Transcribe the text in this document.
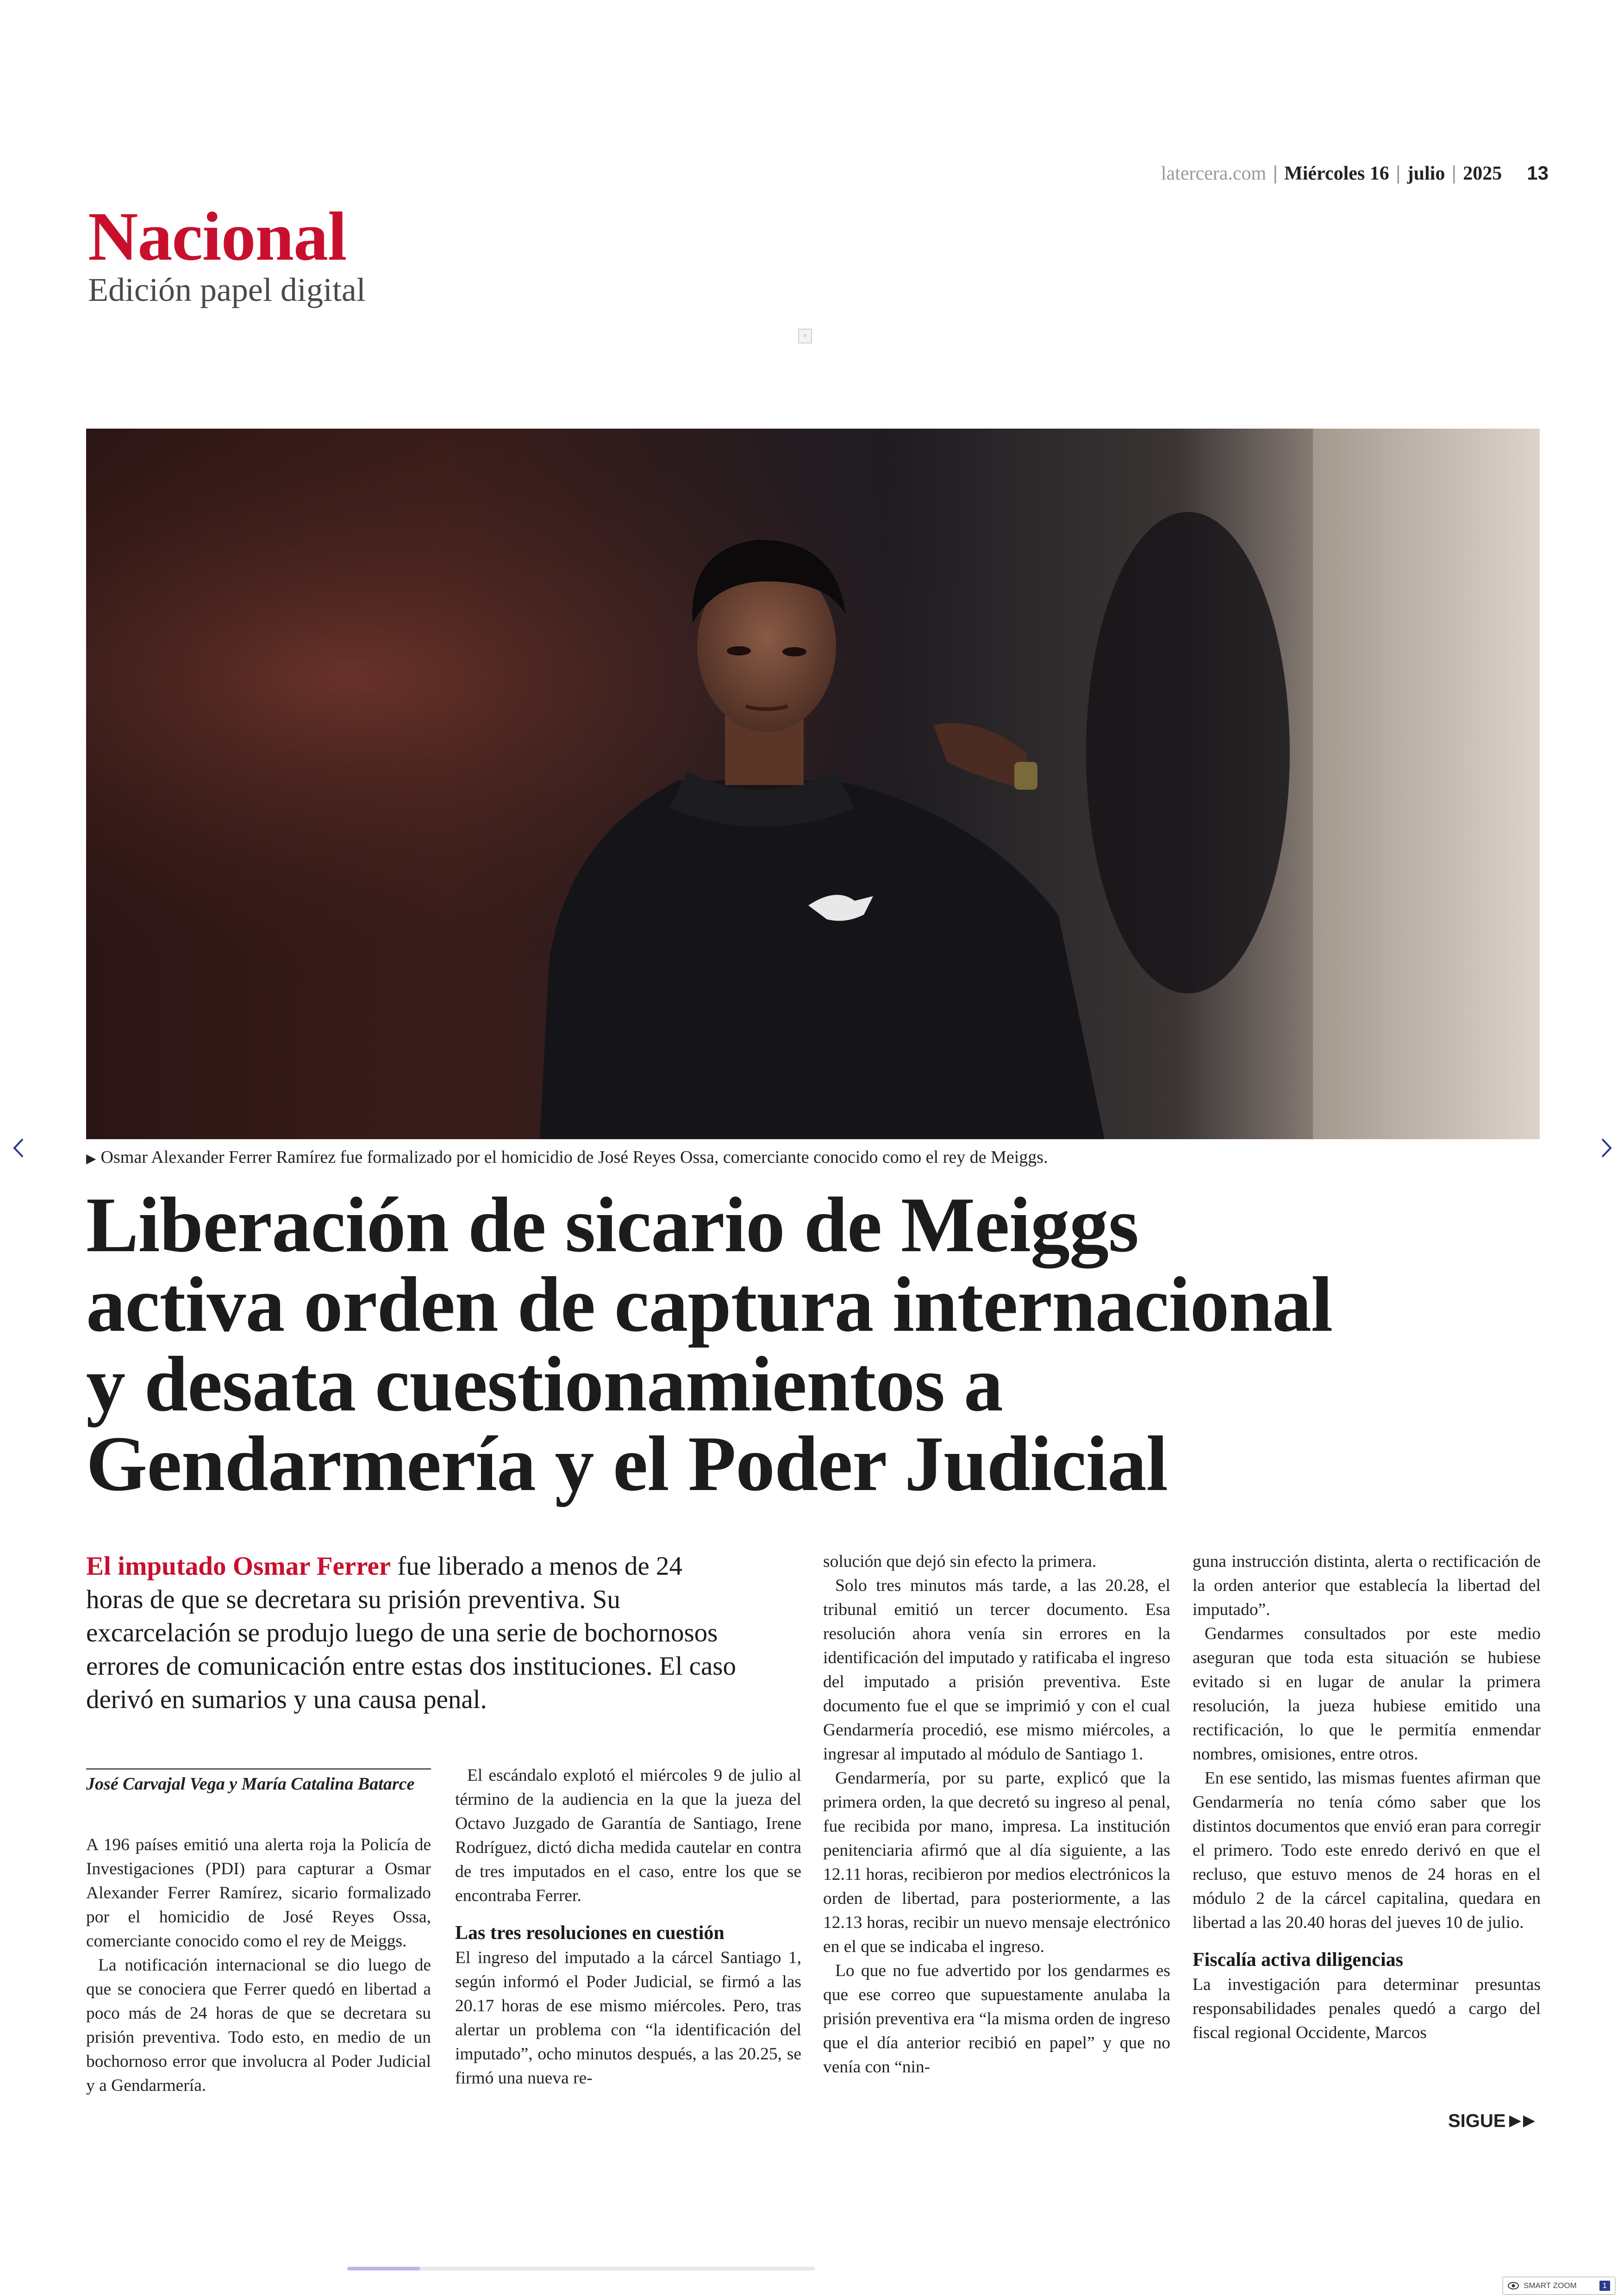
latercera.com | Miércoles 16 | julio | 2025 13
Nacional
Edición papel digital
▫
▶ Osmar Alexander Ferrer Ramírez fue formalizado por el homicidio de José Reyes Ossa, comerciante conocido como el rey de Meiggs.
Liberación de sicario de Meiggs
activa orden de captura internacional
y desata cuestionamientos a
Gendarmería y el Poder Judicial
El imputado Osmar Ferrer fue liberado a menos de 24 horas de que se decretara su prisión preventiva. Su excarcelación se produjo luego de una serie de bochornosos errores de comunicación entre estas dos instituciones. El caso derivó en sumarios y una causa penal.
José Carvajal Vega y María Catalina Batarce

A 196 países emitió una alerta roja la Policía de Investigaciones (PDI) para capturar a Osmar Alexander Ferrer Ramírez, sicario formalizado por el homicidio de José Reyes Ossa, comerciante conocido como el rey de Meiggs.

La notificación internacional se dio luego de que se conociera que Ferrer quedó en libertad a poco más de 24 horas de que se decretara su prisión preventiva. Todo esto, en medio de un bochornoso error que involucra al Poder Judicial y a Gendarmería.

El escándalo explotó el miércoles 9 de julio al término de la audiencia en la que la jueza del Octavo Juzgado de Garantía de Santiago, Irene Rodríguez, dictó dicha medida cautelar en contra de tres imputados en el caso, entre los que se encontraba Ferrer.

Las tres resoluciones en cuestión

El ingreso del imputado a la cárcel Santiago 1, según informó el Poder Judicial, se firmó a las 20.17 horas de ese mismo miércoles. Pero, tras alertar un problema con “la identificación del imputado”, ocho minutos después, a las 20.25, se firmó una nueva re-

solución que dejó sin efecto la primera.

Solo tres minutos más tarde, a las 20.28, el tribunal emitió un tercer documento. Esa resolución ahora venía sin errores en la identificación del imputado y ratificaba el ingreso del imputado a prisión preventiva. Este documento fue el que se imprimió y con el cual Gendarmería procedió, ese mismo miércoles, a ingresar al imputado al módulo de Santiago 1.

Gendarmería, por su parte, explicó que la primera orden, la que decretó su ingreso al penal, fue recibida por mano, impresa. La institución penitenciaria afirmó que al día siguiente, a las 12.11 horas, recibieron por medios electrónicos la orden de libertad, para posteriormente, a las 12.13 horas, recibir un nuevo mensaje electrónico en el que se indicaba el ingreso.

Lo que no fue advertido por los gendarmes es que ese correo que supuestamente anulaba la prisión preventiva era “la misma orden de ingreso que el día anterior recibió en papel” y que no venía con “nin-

guna instrucción distinta, alerta o rectificación de la orden anterior que establecía la libertad del imputado”.

Gendarmes consultados por este medio aseguran que toda esta situación se hubiese evitado si en lugar de anular la primera resolución, la jueza hubiese emitido una rectificación, lo que le permitía enmendar nombres, omisiones, entre otros.

En ese sentido, las mismas fuentes afirman que Gendarmería no tenía cómo saber que los distintos documentos que envió eran para corregir el primero. Todo este enredo derivó en que el recluso, que estuvo menos de 24 horas en el módulo 2 de la cárcel capitalina, quedara en libertad a las 20.40 horas del jueves 10 de julio.

Fiscalía activa diligencias

La investigación para determinar presuntas responsabilidades penales quedó a cargo del fiscal regional Occidente, Marcos

SIGUE
SMART ZOOM	1
